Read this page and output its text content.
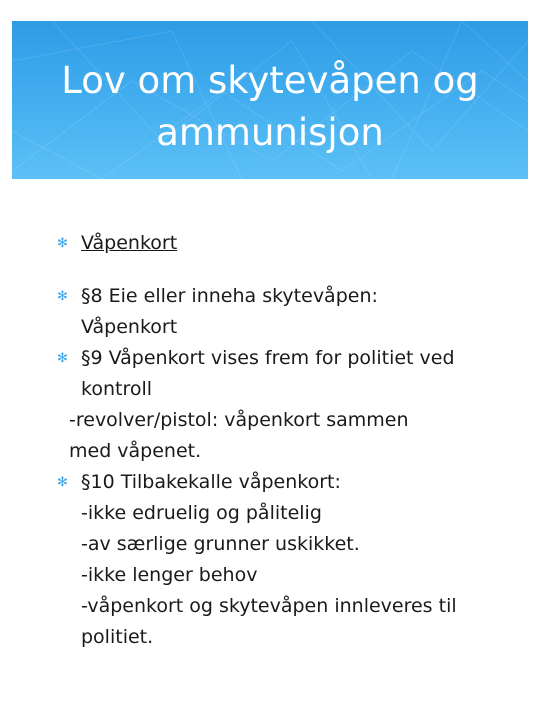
Lov om skytevåpen og
ammunisjon
✻ Våpenkort
✻ §8 Eie eller inneha skytevåpen:
Våpenkort
✻ §9 Våpenkort vises frem for politiet ved
kontroll
-revolver/pistol: våpenkort sammen
med våpenet.
✻ §10 Tilbakekalle våpenkort:
-ikke edruelig og pålitelig
-av særlige grunner uskikket.
-ikke lenger behov
-våpenkort og skytevåpen innleveres til
politiet.
